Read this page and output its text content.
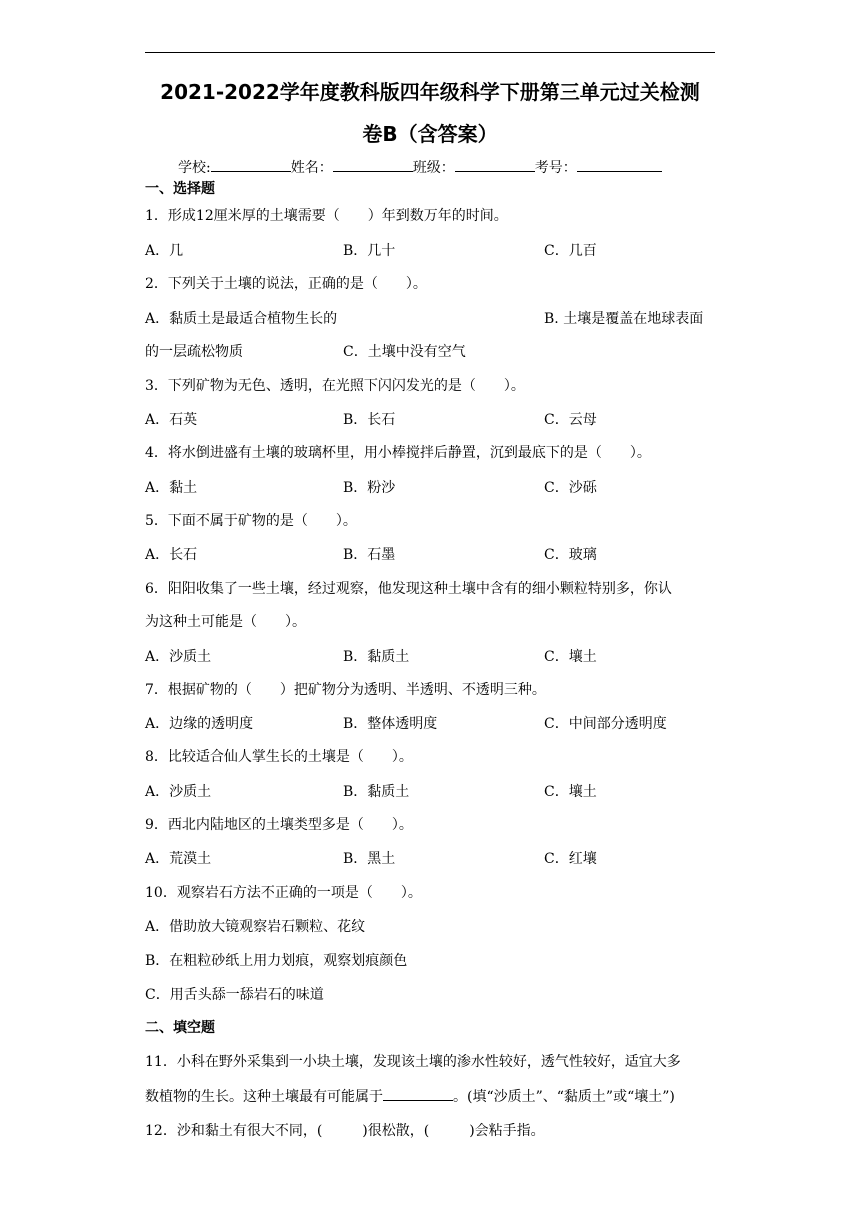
2021-2022学年度教科版四年级科学下册第三单元过关检测
卷B（含答案）
学校:	姓名：	班级：	考号：
一、选择题
1．形成12厘米厚的土壤需要（　　）年到数万年的时间。
A．几	B．几十	C．几百
2．下列关于土壤的说法，正确的是（　　）。
A．黏质土是最适合植物生长的	B. 土壤是覆盖在地球表面
的一层疏松物质	C．土壤中没有空气
3．下列矿物为无色、透明，在光照下闪闪发光的是（　　）。
A．石英	B．长石	C．云母
4．将水倒进盛有土壤的玻璃杯里，用小棒搅拌后静置，沉到最底下的是（　　）。
A．黏土	B．粉沙	C．沙砾
5．下面不属于矿物的是（　　）。
A．长石	B．石墨	C．玻璃
6．阳阳收集了一些土壤，经过观察，他发现这种土壤中含有的细小颗粒特别多，你认
为这种土可能是（　　）。
A．沙质土	B．黏质土	C．壤土
7．根据矿物的（　　）把矿物分为透明、半透明、不透明三种。
A．边缘的透明度	B．整体透明度	C．中间部分透明度
8．比较适合仙人掌生长的土壤是（　　）。
A．沙质土	B．黏质土	C．壤土
9．西北内陆地区的土壤类型多是（　　）。
A．荒漠土	B．黑土	C．红壤
10．观察岩石方法不正确的一项是（　　）。
A．借助放大镜观察岩石颗粒、花纹
B．在粗粒砂纸上用力划痕，观察划痕颜色
C．用舌头舔一舔岩石的味道
二、填空题
11．小科在野外采集到一小块土壤，发现该土壤的渗水性较好，透气性较好，适宜大多
数植物的生长。这种土壤最有可能属于	。(填“沙质土”、“黏质土”或“壤土”)
12．沙和黏土有很大不同，(	)很松散，(	)会粘手指。
